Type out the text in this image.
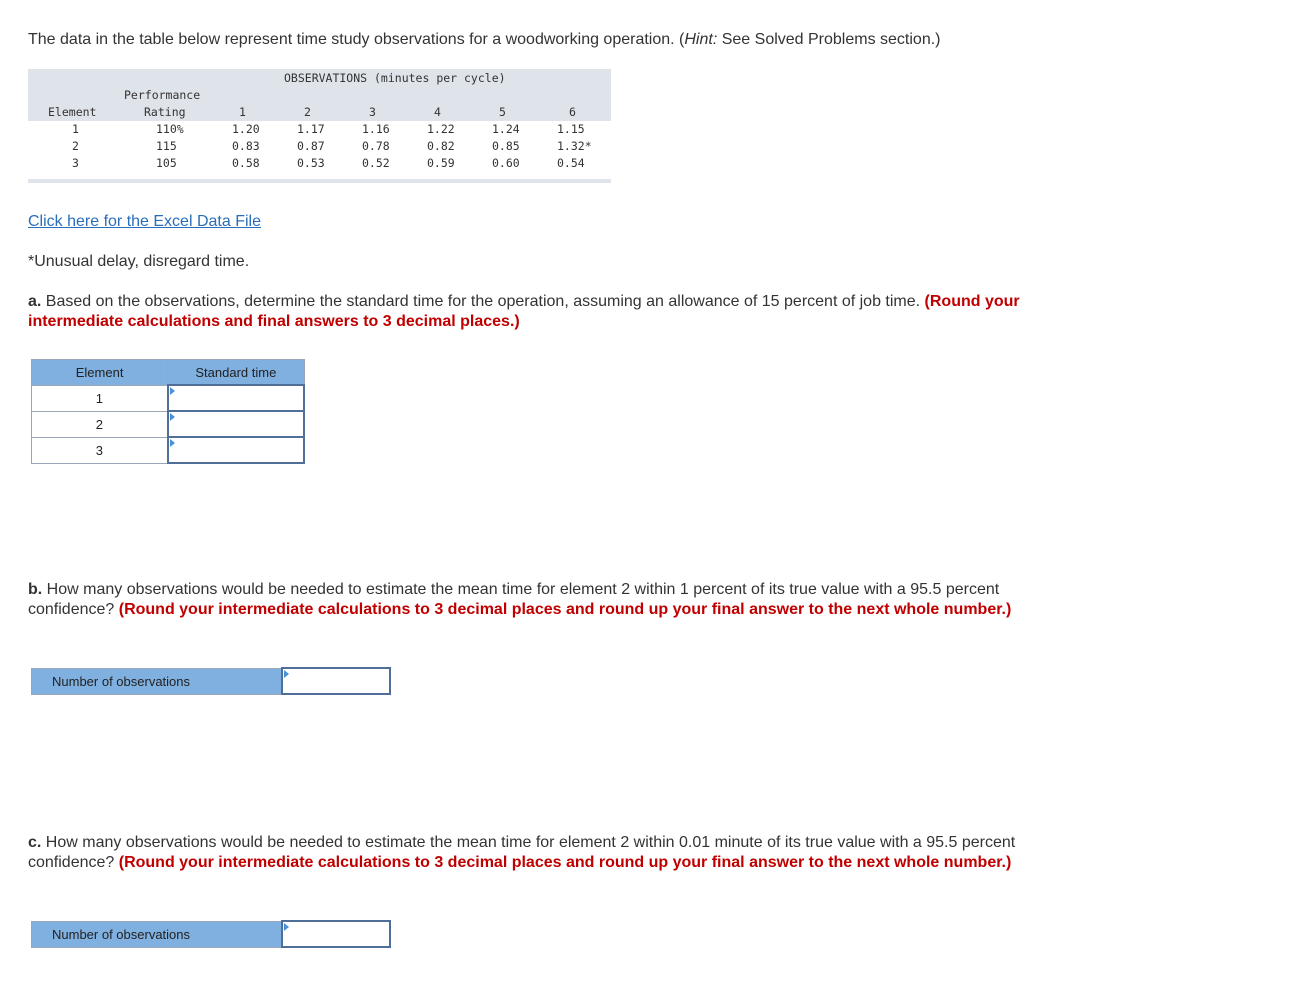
The data in the table below represent time study observations for a woodworking operation. (Hint: See Solved Problems section.)
OBSERVATIONS (minutes per cycle)
Performance
Element	Rating	1	2	3	4	5	6
1	110%	1.20	1.17	1.16	1.22	1.24	1.15
2	115	0.83	0.87	0.78	0.82	0.85	1.32*
3	105	0.58	0.53	0.52	0.59	0.60	0.54
Click here for the Excel Data File
*Unusual delay, disregard time.
a. Based on the observations, determine the standard time for the operation, assuming an allowance of 15 percent of job time. (Round your intermediate calculations and final answers to 3 decimal places.)
Element	Standard time
1	

2	

3	
b. How many observations would be needed to estimate the mean time for element 2 within 1 percent of its true value with a 95.5 percent confidence? (Round your intermediate calculations to 3 decimal places and round up your final answer to the next whole number.)
Number of observations	
c. How many observations would be needed to estimate the mean time for element 2 within 0.01 minute of its true value with a 95.5 percent confidence? (Round your intermediate calculations to 3 decimal places and round up your final answer to the next whole number.)
Number of observations	
